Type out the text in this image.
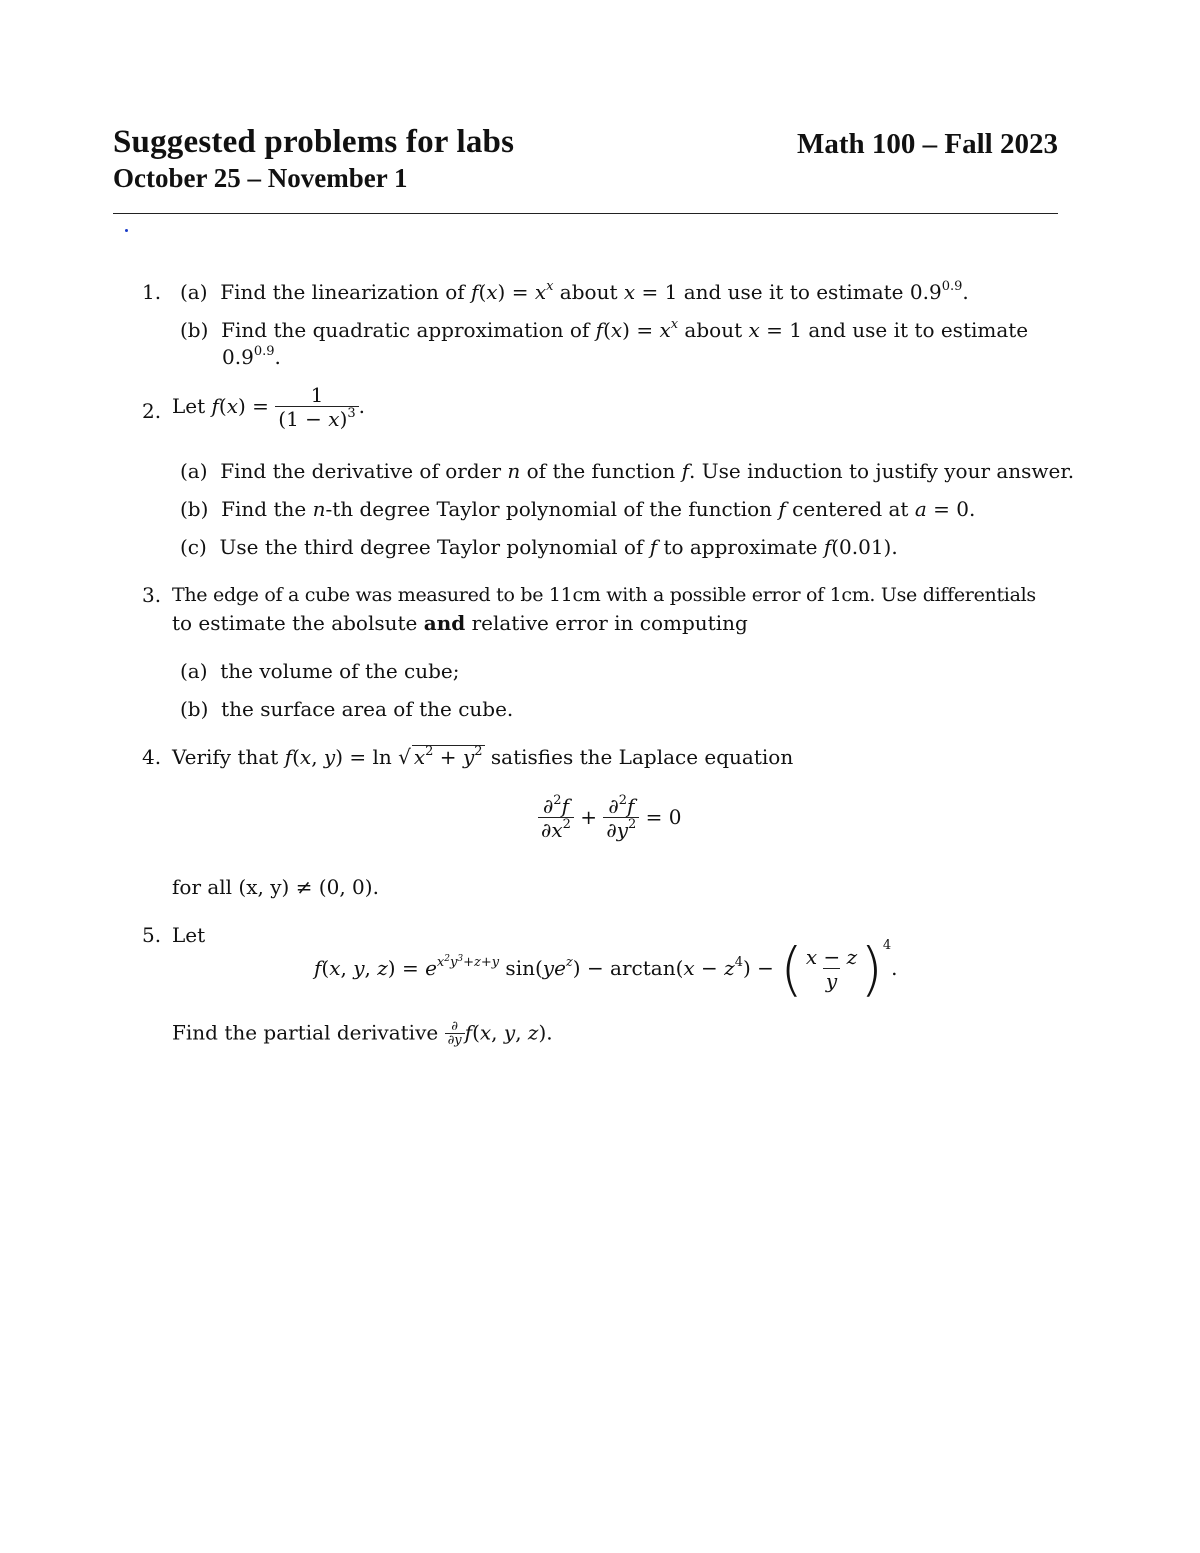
Suggested problems for labs	Math 100 – Fall 2023
October 25 – November 1
1. (a) Find the linearization of $f(x) = x^x$ about x = 1 and use it to estimate $0.9^{0.9}$.
(b) Find the quadratic approximation of $f(x) = x^x$ about x = 1 and use it to estimate
$0.9^{0.9}$.
2. Let $f(x) = \frac{1}{(1 - x)^3}$ .
(a) Find the derivative of order n of the function f. Use induction to justify your answer.
(b) Find the n-th degree Taylor polynomial of the function f centered at a = 0.
(c) Use the third degree Taylor polynomial of f to approximate f(0.01).
3. The edge of a cube was measured to be 11cm with a possible error of 1cm. Use differentials
to estimate the abolsute and relative error in computing
(a) the volume of the cube;
(b) the surface area of the cube.
4. Verify that f(x, y) = ln √ $x^2 + y^2$ satisfies the Laplace equation
$\frac{\partial^2f}{\partial x^2} + \frac{\partial^2f}{\partial y^2} = 0$
for all (x, y) ≠ (0, 0).
5. Let
f(x, y, $z) = e^{x^2y^3+z+y}$ $\sin(ye^z) - \arctan(x - z^4)$ − ( $\frac{x - z}{y} )^4$.
Find the partial derivative $\frac{\partial}{\partial y} f(x$, y, z).
